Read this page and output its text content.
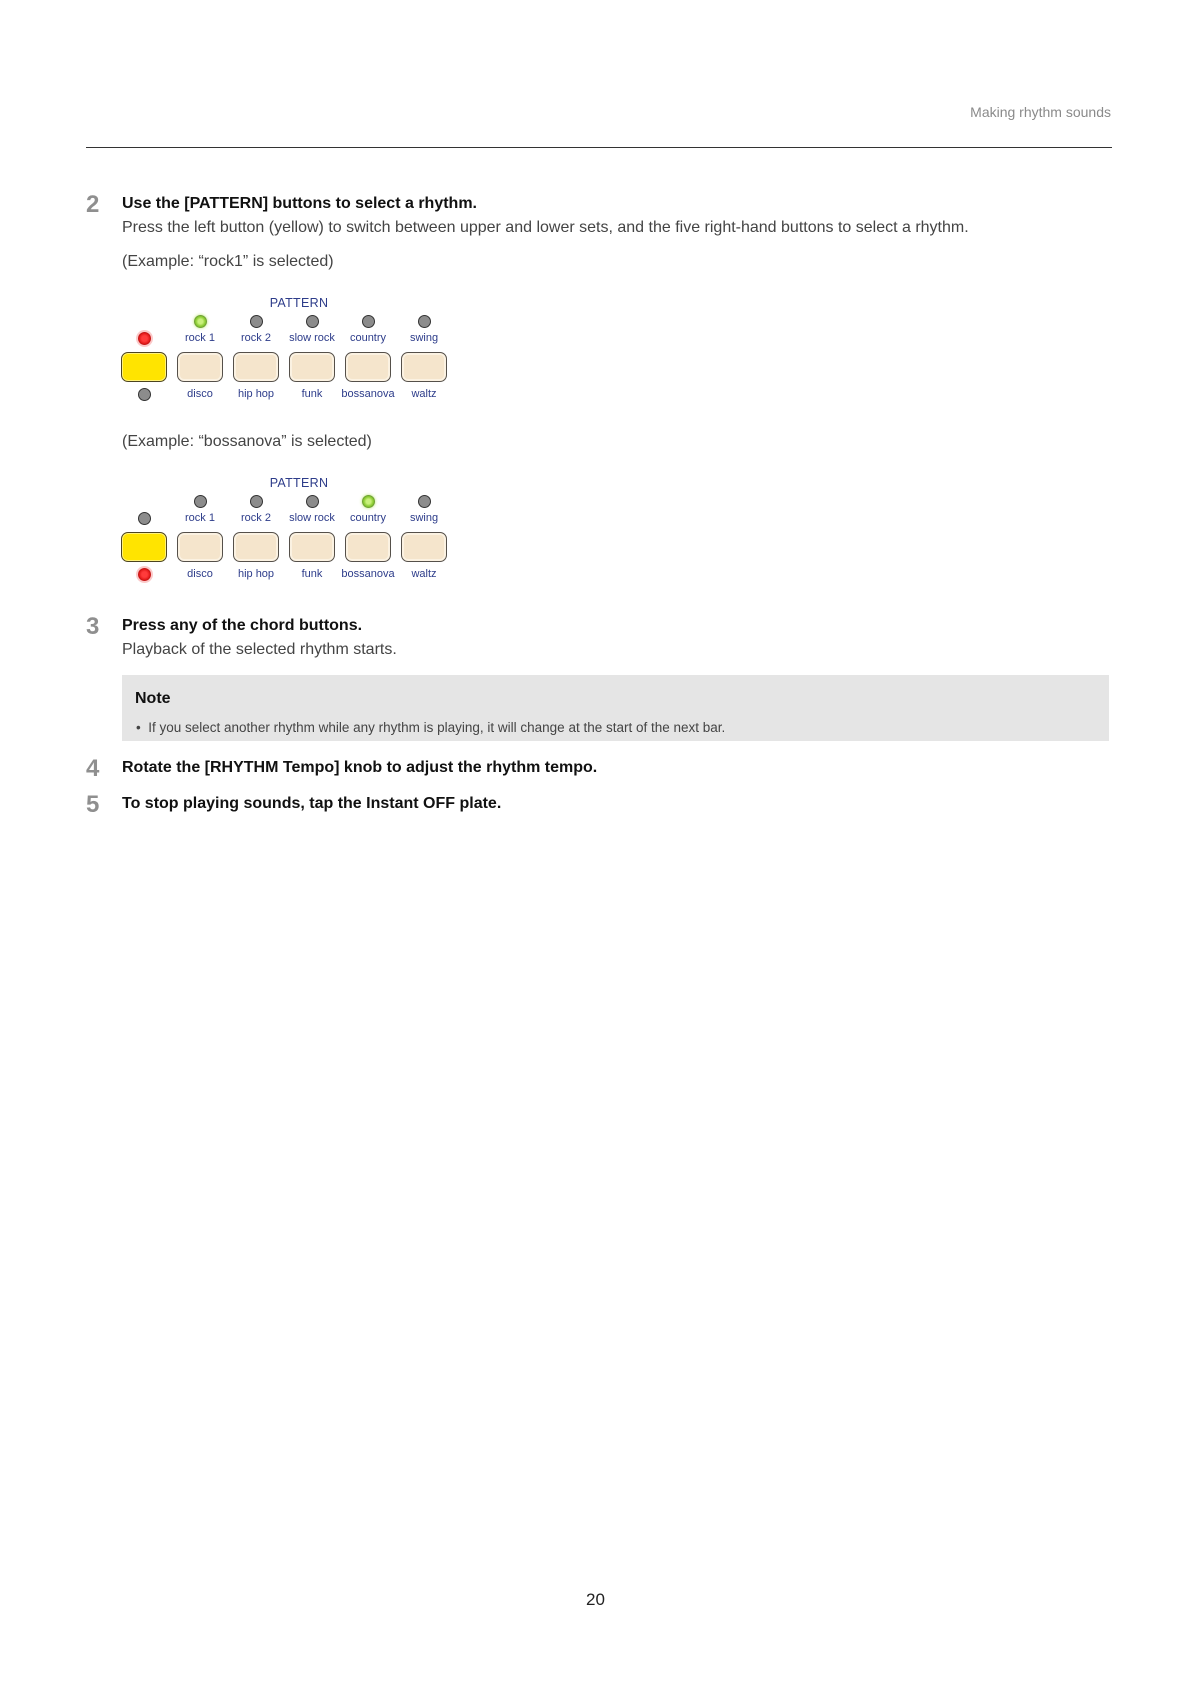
Making rhythm sounds
2	Use the [PATTERN] buttons to select a rhythm.
Press the left button (yellow) to switch between upper and lower sets, and the five right-hand buttons to select a rhythm.
(Example: “rock1” is selected)
PATTERN
rock 1
disco
rock 2
hip hop
slow rock
funk
country
bossanova
swing
waltz
(Example: “bossanova” is selected)
PATTERN
rock 1
disco
rock 2
hip hop
slow rock
funk
country
bossanova
swing
waltz
3	Press any of the chord buttons.
Playback of the selected rhythm starts.
Note
• If you select another rhythm while any rhythm is playing, it will change at the start of the next bar.
4	Rotate the [RHYTHM Tempo] knob to adjust the rhythm tempo.
5	To stop playing sounds, tap the Instant OFF plate.
20
